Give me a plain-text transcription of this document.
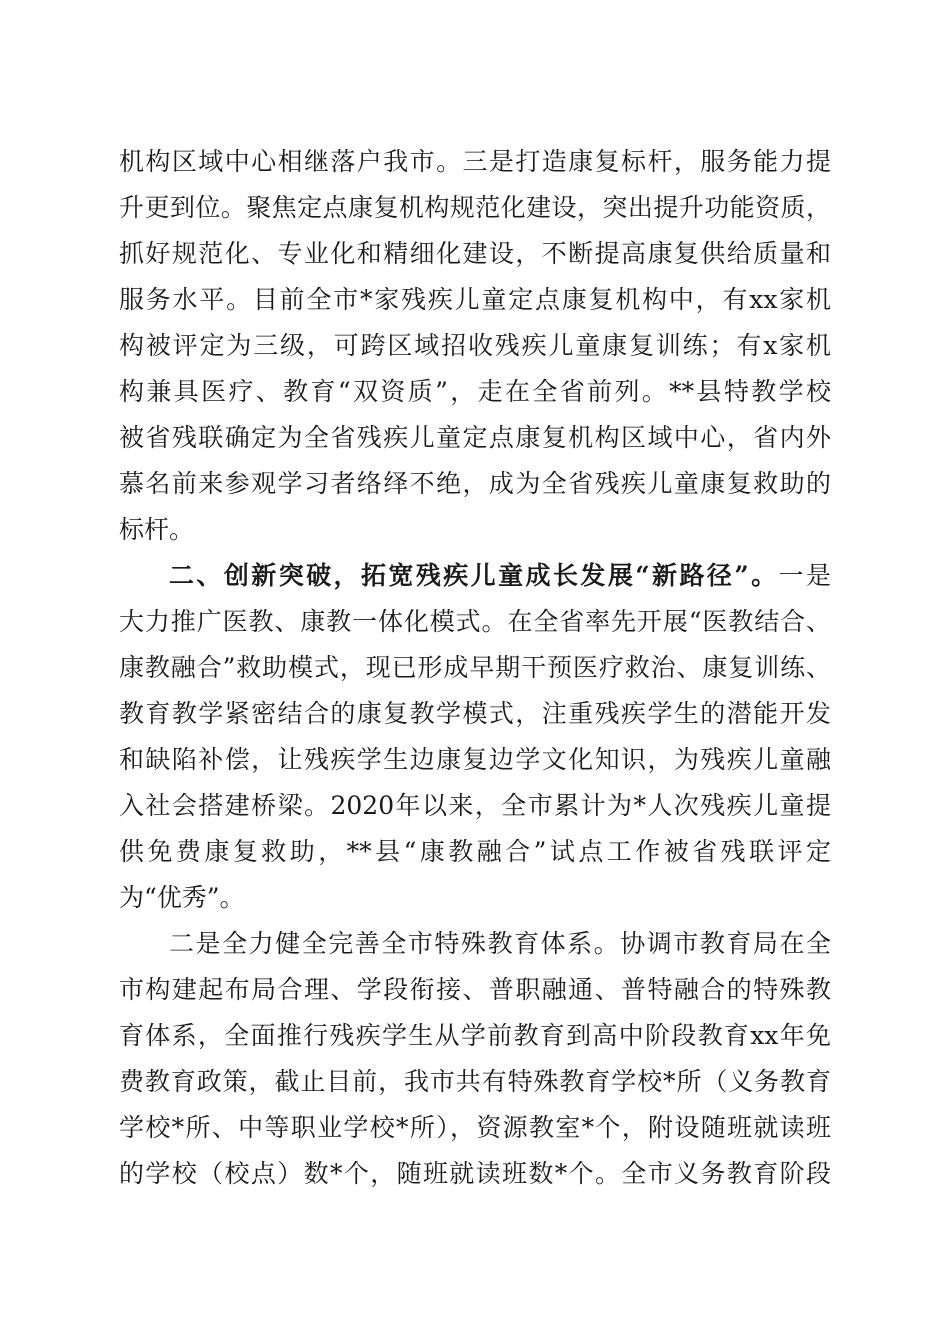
机构区域中心相继落户我市。三是打造康复标杆，服务能力提
升更到位。聚焦定点康复机构规范化建设，突出提升功能资质，
抓好规范化、专业化和精细化建设，不断提高康复供给质量和
服务水平。目前全市*家残疾儿童定点康复机构中，有xx家机
构被评定为三级，可跨区域招收残疾儿童康复训练；有x家机
构兼具医疗、教育“双资质”，走在全省前列。**县特教学校
被省残联确定为全省残疾儿童定点康复机构区域中心，省内外
慕名前来参观学习者络绎不绝，成为全省残疾儿童康复救助的
标杆。
二、创新突破，拓宽残疾儿童成长发展“新路径”。一是
大力推广医教、康教一体化模式。在全省率先开展“医教结合、
康教融合”救助模式，现已形成早期干预医疗救治、康复训练、
教育教学紧密结合的康复教学模式，注重残疾学生的潜能开发
和缺陷补偿，让残疾学生边康复边学文化知识，为残疾儿童融
入社会搭建桥梁。2020年以来，全市累计为*人次残疾儿童提
供免费康复救助，**县“康教融合”试点工作被省残联评定
为“优秀”。
二是全力健全完善全市特殊教育体系。协调市教育局在全
市构建起布局合理、学段衔接、普职融通、普特融合的特殊教
育体系，全面推行残疾学生从学前教育到高中阶段教育xx年免
费教育政策，截止目前，我市共有特殊教育学校*所（义务教育
学校*所、中等职业学校*所），资源教室*个，附设随班就读班
的学校（校点）数*个，随班就读班数*个。全市义务教育阶段
